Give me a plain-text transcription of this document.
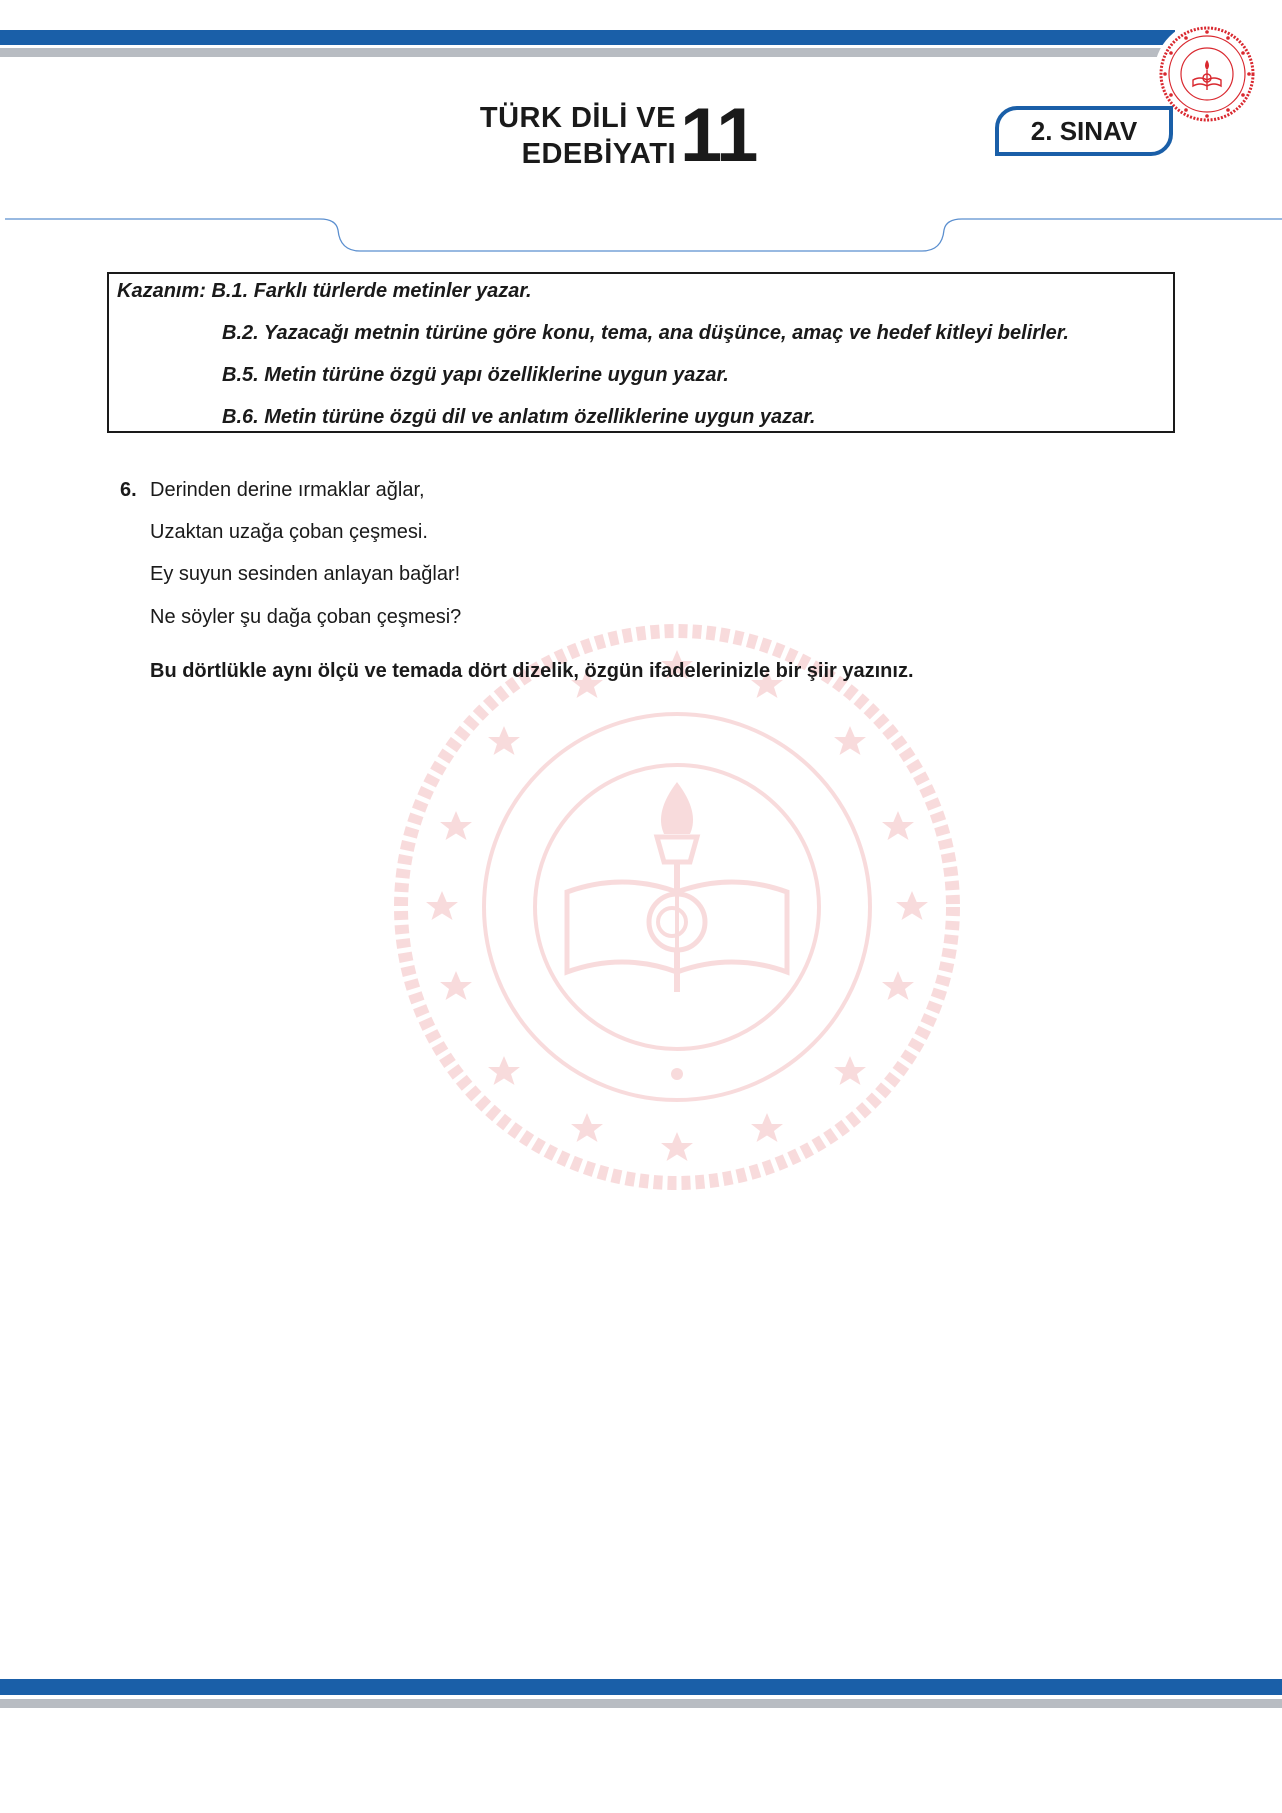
TÜRK DİLİ VE
EDEBİYATI 11	2. SINAV
Kazanım: B.1. Farklı türlerde metinler yazar.
B.2. Yazacağı metnin türüne göre konu, tema, ana düşünce, amaç ve hedef kitleyi belirler.
B.5. Metin türüne özgü yapı özelliklerine uygun yazar.
B.6. Metin türüne özgü dil ve anlatım özelliklerine uygun yazar.
6. Derinden derine ırmaklar ağlar,
Uzaktan uzağa çoban çeşmesi.
Ey suyun sesinden anlayan bağlar!
Ne söyler şu dağa çoban çeşmesi?
Bu dörtlükle aynı ölçü ve temada dört dizelik, özgün ifadelerinizle bir şiir yazınız.
